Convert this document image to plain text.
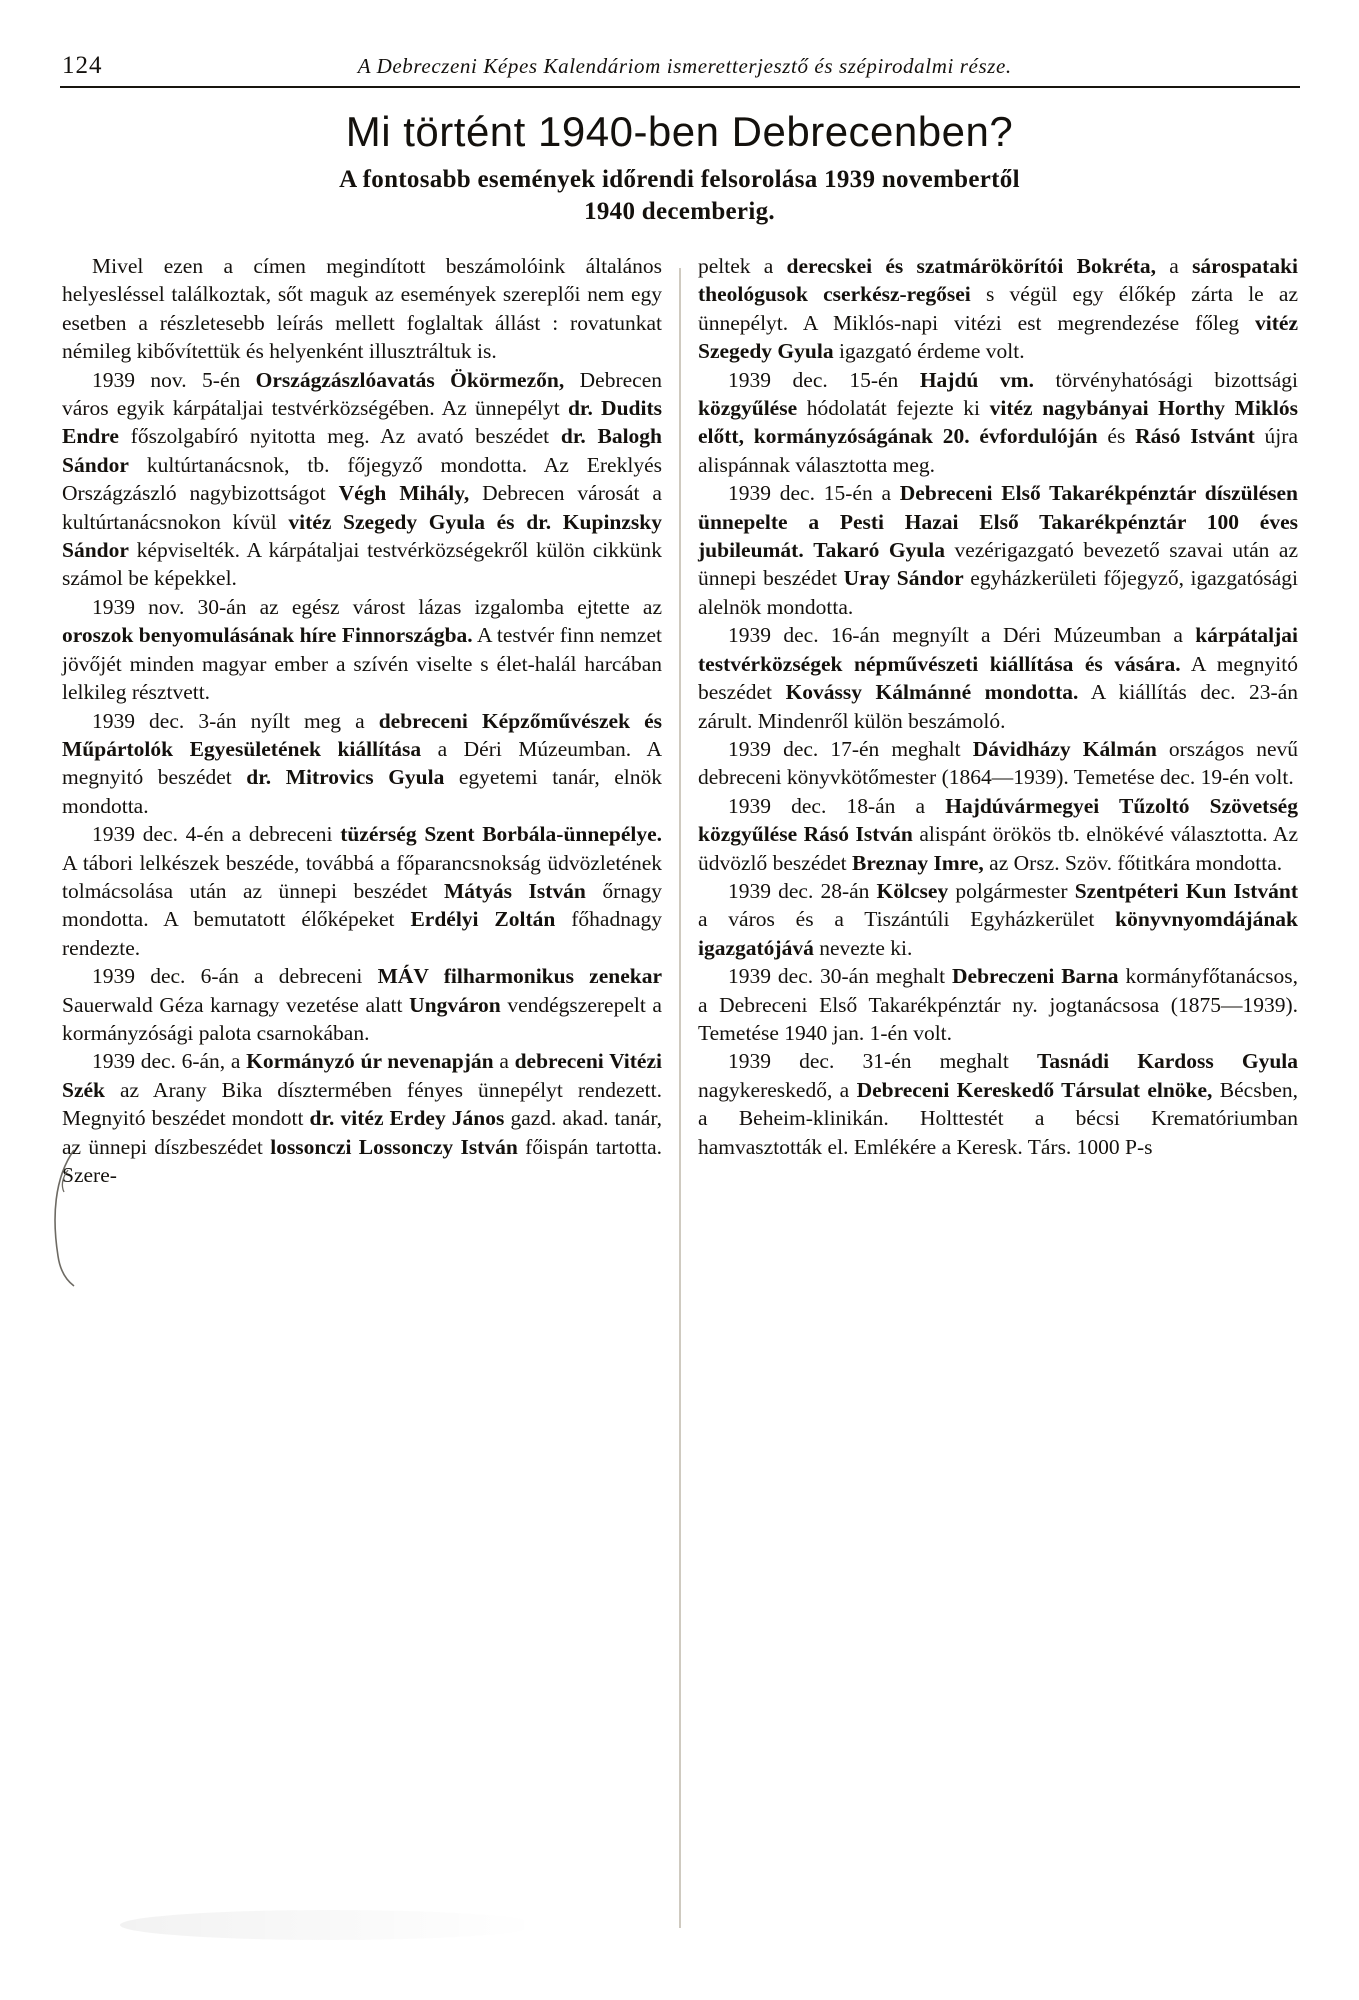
124	A Debreczeni Képes Kalendáriom ismeretterjesztő és szépirodalmi része.
Mi történt 1940-ben Debrecenben?
A fontosabb események időrendi felsorolása 1939 novembertől
1940 decemberig.

Mivel ezen a címen megindított beszámolóink általános helyesléssel találkoztak, sőt maguk az események szereplői nem egy esetben a részletesebb leírás mellett foglaltak állást : rovatunkat némileg kibővítettük és helyenként illusztráltuk is.

1939 nov. 5-én Országzászlóavatás Ökörmezőn, Debrecen város egyik kárpátaljai testvérközségében. Az ünnepélyt dr. Dudits Endre főszolgabíró nyitotta meg. Az avató beszédet dr. Balogh Sándor kultúrtanácsnok, tb. főjegyző mondotta. Az Ereklyés Országzászló nagybizottságot Végh Mihály, Debrecen városát a kultúrtanácsnokon kívül vitéz Szegedy Gyula és dr. Kupinzsky Sándor képviselték. A kárpátaljai testvérközségekről külön cikkünk számol be képekkel.

1939 nov. 30-án az egész várost lázas izgalomba ejtette az oroszok benyomulásának híre Finnországba. A testvér finn nemzet jövőjét minden magyar ember a szívén viselte s élet-halál harcában lelkileg résztvett.

1939 dec. 3-án nyílt meg a debreceni Képzőművészek és Műpártolók Egyesületének kiállítása a Déri Múzeumban. A megnyitó beszédet dr. Mitrovics Gyula egyetemi tanár, elnök mondotta.

1939 dec. 4-én a debreceni tüzérség Szent Borbála-ünnepélye. A tábori lelkészek beszéde, továbbá a főparancsnokság üdvözletének tolmácsolása után az ünnepi beszédet Mátyás István őrnagy mondotta. A bemutatott élőképeket Erdélyi Zoltán főhadnagy rendezte.

1939 dec. 6-án a debreceni MÁV filharmonikus zenekar Sauerwald Géza karnagy vezetése alatt Ungváron vendégszerepelt a kormányzósági palota csarnokában.

1939 dec. 6-án, a Kormányzó úr nevenapján a debreceni Vitézi Szék az Arany Bika dísztermében fényes ünnepélyt rendezett. Megnyitó beszédet mondott dr. vitéz Erdey János gazd. akad. tanár, az ünnepi díszbeszédet lossonczi Lossonczy István főispán tartotta. Szere-

peltek a derecskei és szatmárökörítói Bokréta, a sárospataki theológusok cserkész-regősei s végül egy élőkép zárta le az ünnepélyt. A Miklós-napi vitézi est megrendezése főleg vitéz Szegedy Gyula igazgató érdeme volt.

1939 dec. 15-én Hajdú vm. törvényhatósági bizottsági közgyűlése hódolatát fejezte ki vitéz nagybányai Horthy Miklós előtt, kormányzóságának 20. évfordulóján és Rásó Istvánt újra alispánnak választotta meg.

1939 dec. 15-én a Debreceni Első Takarékpénztár díszülésen ünnepelte a Pesti Hazai Első Takarékpénztár 100 éves jubileumát. Takaró Gyula vezérigazgató bevezető szavai után az ünnepi beszédet Uray Sándor egyházkerületi főjegyző, igazgatósági alelnök mondotta.

1939 dec. 16-án megnyílt a Déri Múzeumban a kárpátaljai testvérközségek népművészeti kiállítása és vására. A megnyitó beszédet Kovássy Kálmánné mondotta. A kiállítás dec. 23-án zárult. Mindenről külön beszámoló.

1939 dec. 17-én meghalt Dávidházy Kálmán országos nevű debreceni könyvkötőmester (1864—1939). Temetése dec. 19-én volt.

1939 dec. 18-án a Hajdúvármegyei Tűzoltó Szövetség közgyűlése Rásó István alispánt örökös tb. elnökévé választotta. Az üdvözlő beszédet Breznay Imre, az Orsz. Szöv. főtitkára mondotta.

1939 dec. 28-án Kölcsey polgármester Szentpéteri Kun Istvánt a város és a Tiszántúli Egyházkerület könyvnyomdájának igazgatójává nevezte ki.

1939 dec. 30-án meghalt Debreczeni Barna kormányfőtanácsos, a Debreceni Első Takarékpénztár ny. jogtanácsosa (1875—1939). Temetése 1940 jan. 1-én volt.

1939 dec. 31-én meghalt Tasnádi Kardoss Gyula nagykereskedő, a Debreceni Kereskedő Társulat elnöke, Bécsben, a Beheim-klinikán. Holttestét a bécsi Krematóriumban hamvasztották el. Emlékére a Keresk. Társ. 1000 P-s
